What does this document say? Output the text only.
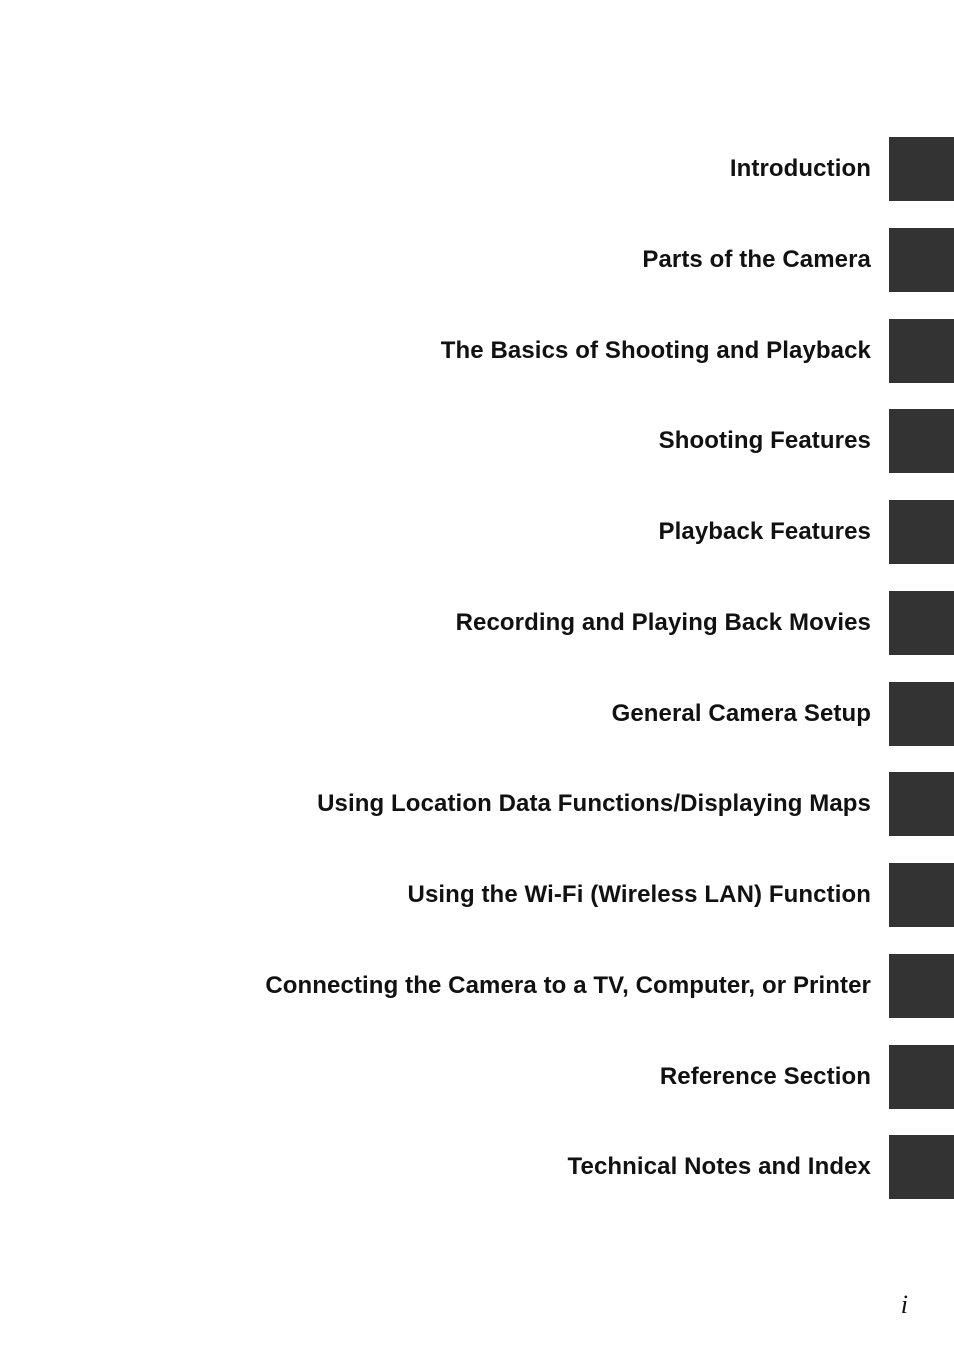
Introduction
Parts of the Camera
The Basics of Shooting and Playback
Shooting Features
Playback Features
Recording and Playing Back Movies
General Camera Setup
Using Location Data Functions/Displaying Maps
Using the Wi-Fi (Wireless LAN) Function
Connecting the Camera to a TV, Computer, or Printer
Reference Section
Technical Notes and Index
i
